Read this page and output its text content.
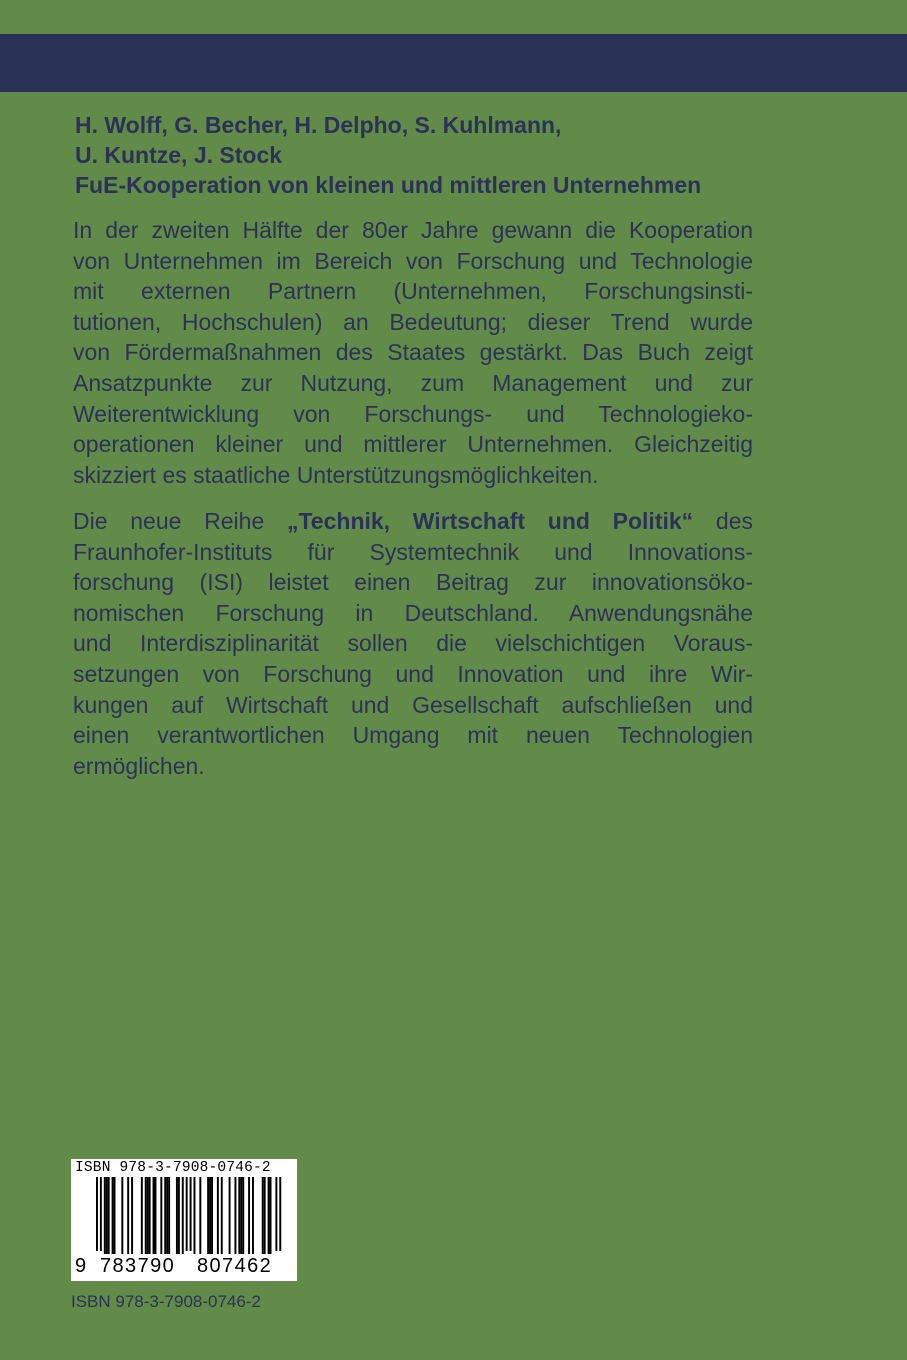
H. Wolff, G. Becher, H. Delpho, S. Kuhlmann,
U. Kuntze, J. Stock
FuE-Kooperation von kleinen und mittleren Unternehmen
In der zweiten Hälfte der 80er Jahre gewann die Kooperation
von Unternehmen im Bereich von Forschung und Technologie
mit externen Partnern (Unternehmen, Forschungsinsti-
tutionen, Hochschulen) an Bedeutung; dieser Trend wurde
von Fördermaßnahmen des Staates gestärkt. Das Buch zeigt
Ansatzpunkte zur Nutzung, zum Management und zur
Weiterentwicklung von Forschungs- und Technologieko-
operationen kleiner und mittlerer Unternehmen. Gleichzeitig
skizziert es staatliche Unterstützungsmöglichkeiten.
Die neue Reihe „Technik, Wirtschaft und Politik“ des
Fraunhofer-Instituts für Systemtechnik und Innovations-
forschung (ISI) leistet einen Beitrag zur innovationsöko-
nomischen Forschung in Deutschland. Anwendungsnähe
und Interdisziplinarität sollen die vielschichtigen Voraus-
setzungen von Forschung und Innovation und ihre Wir-
kungen auf Wirtschaft und Gesellschaft aufschließen und
einen verantwortlichen Umgang mit neuen Technologien
ermöglichen.
ISBN 978-3-7908-0746-2
9 783790 807462
ISBN 978-3-7908-0746-2
